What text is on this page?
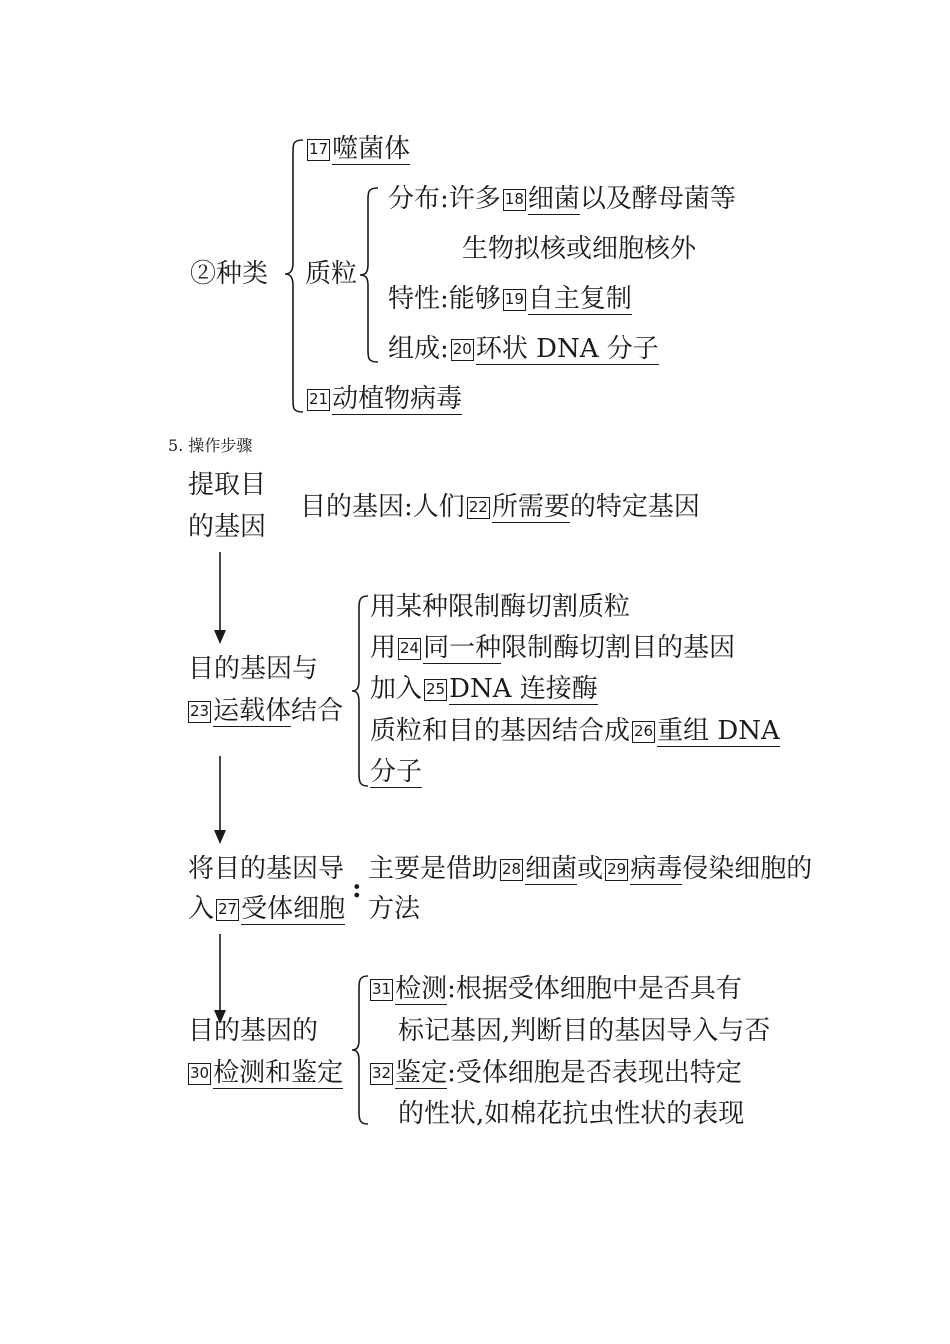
②种类
17 噬菌体
质粒
分布:许多 18 细菌以及酵母菌等
生物拟核或细胞核外
特性:能够 19 自主复制
组成: 20 环状 DNA 分子
21 动植物病毒
5. 操作步骤
提取目
的基因
目的基因:人们 22 所需要的特定基因
目的基因与
23 运载体结合
用某种限制酶切割质粒
用 24 同一种限制酶切割目的基因
加入 25 DNA 连接酶
质粒和目的基因结合成 26 重组 DNA
分子
将目的基因导
入 27 受体细胞
:
主要是借助 28 细菌或 29 病毒侵染细胞的
方法
目的基因的
30 检测和鉴定
31 检测:根据受体细胞中是否具有
标记基因,判断目的基因导入与否
32 鉴定:受体细胞是否表现出特定
的性状,如棉花抗虫性状的表现
